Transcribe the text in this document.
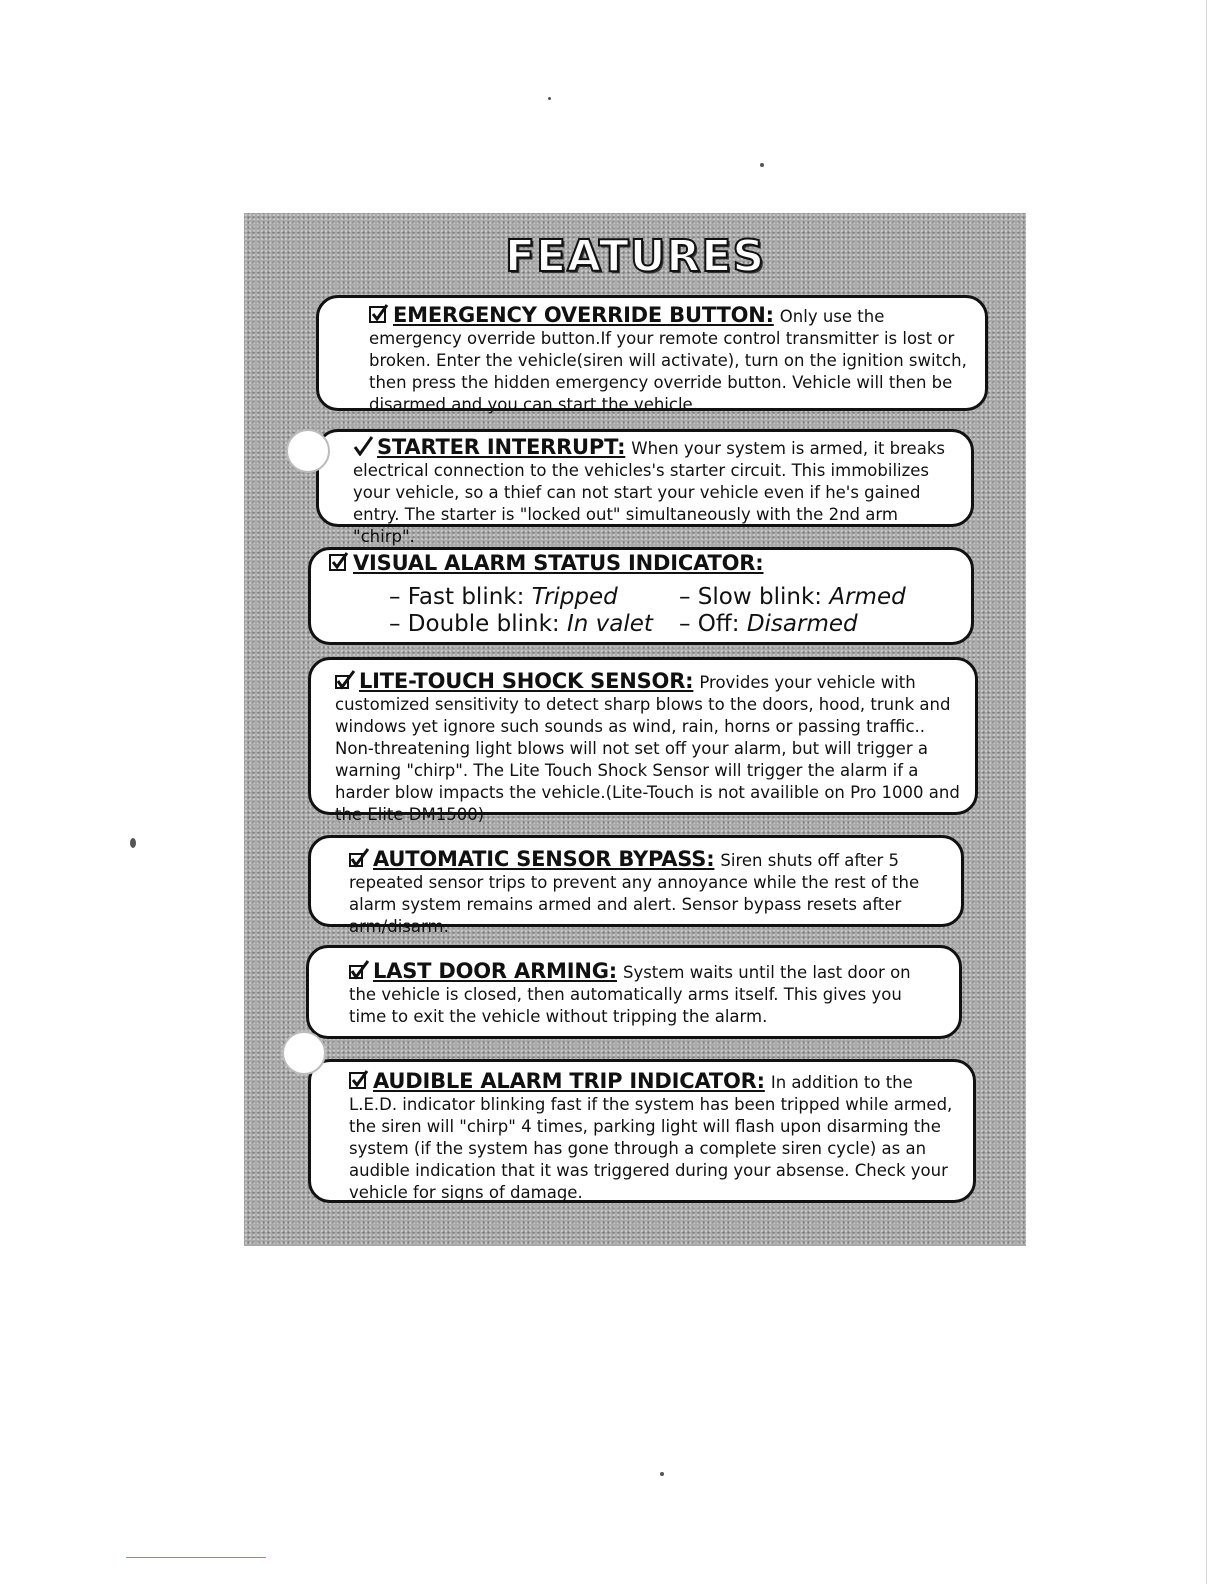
FEATURES
EMERGENCY OVERRIDE BUTTON: Only use the emergency override button.If your remote control transmitter is lost or broken. Enter the vehicle(siren will activate), turn on the ignition switch, then press the hidden emergency override button. Vehicle will then be disarmed and you can start the vehicle.
STARTER INTERRUPT: When your system is armed, it breaks electrical connection to the vehicles's starter circuit. This immobilizes your vehicle, so a thief can not start your vehicle even if he's gained entry. The starter is "locked out" simultaneously with the 2nd arm "chirp".
VISUAL ALARM STATUS INDICATOR:
– Fast blink: Tripped	– Slow blink: Armed
– Double blink: In valet	– Off: Disarmed
LITE-TOUCH SHOCK SENSOR: Provides your vehicle with customized sensitivity to detect sharp blows to the doors, hood, trunk and windows yet ignore such sounds as wind, rain, horns or passing traffic.. Non-threatening light blows will not set off your alarm, but will trigger a warning "chirp". The Lite Touch Shock Sensor will trigger the alarm if a harder blow impacts the vehicle.(Lite-Touch is not availible on Pro 1000 and the Elite DM1500)
AUTOMATIC SENSOR BYPASS: Siren shuts off after 5 repeated sensor trips to prevent any annoyance while the rest of the alarm system remains armed and alert. Sensor bypass resets after arm/disarm.
LAST DOOR ARMING: System waits until the last door on the vehicle is closed, then automatically arms itself. This gives you time to exit the vehicle without tripping the alarm.
AUDIBLE ALARM TRIP INDICATOR: In addition to the L.E.D. indicator blinking fast if the system has been tripped while armed, the siren will "chirp" 4 times, parking light will flash upon disarming the system (if the system has gone through a complete siren cycle) as an audible indication that it was triggered during your absense. Check your vehicle for signs of damage.
